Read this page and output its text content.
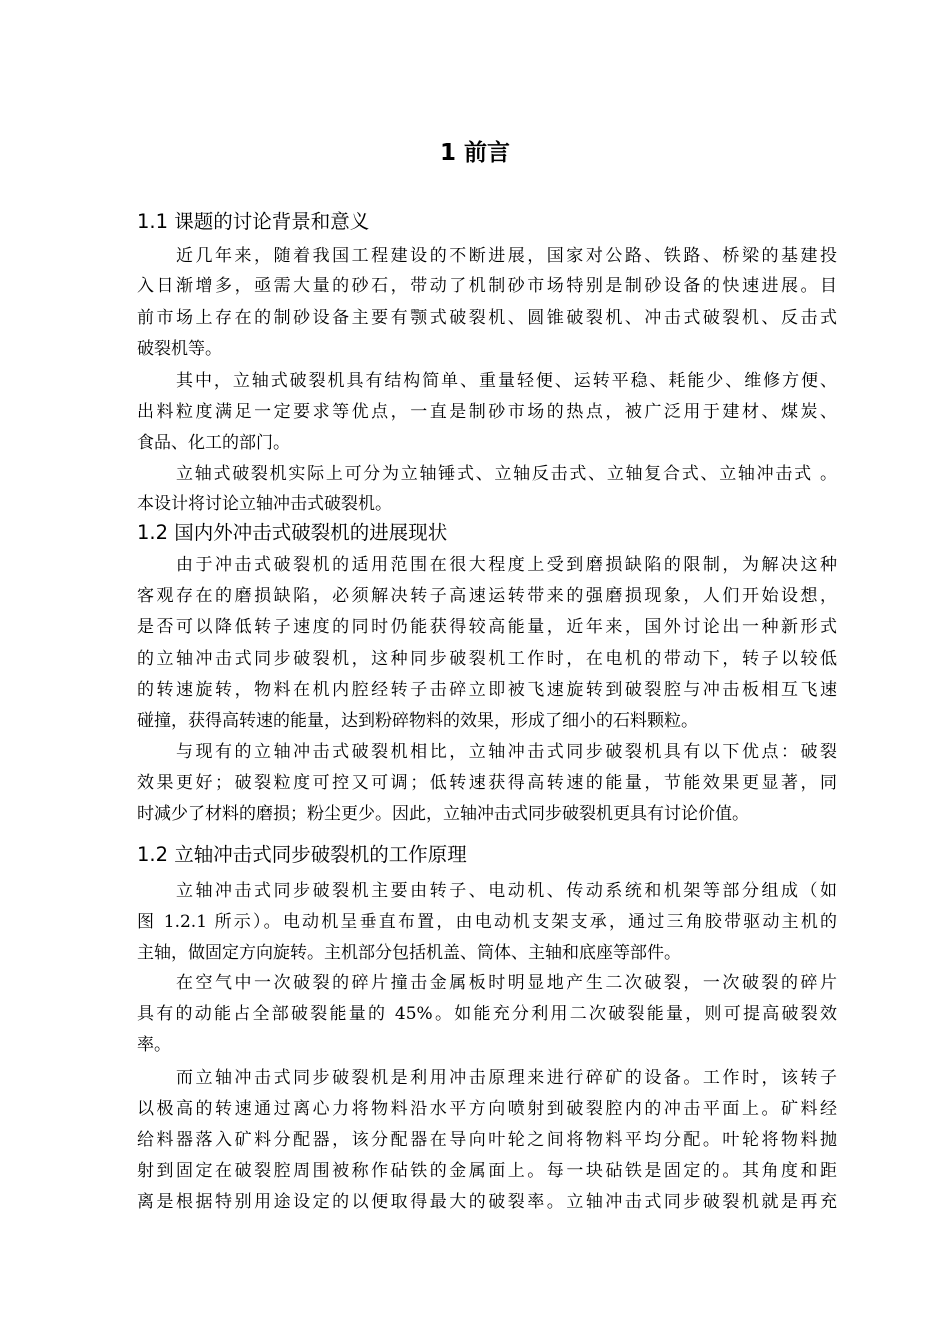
1 前言
1.1 课题的讨论背景和意义
近几年来，随着我国工程建设的不断进展，国家对公路、铁路、桥梁的基建投
入日渐增多，亟需大量的砂石，带动了机制砂市场特别是制砂设备的快速进展。目
前市场上存在的制砂设备主要有颚式破裂机、圆锥破裂机、冲击式破裂机、反击式
破裂机等。
其中，立轴式破裂机具有结构简单、重量轻便、运转平稳、耗能少、维修方便、
出料粒度满足一定要求等优点，一直是制砂市场的热点，被广泛用于建材、煤炭、
食品、化工的部门。
立轴式破裂机实际上可分为立轴锤式、立轴反击式、立轴复合式、立轴冲击式 。
本设计将讨论立轴冲击式破裂机。
1.2 国内外冲击式破裂机的进展现状
由于冲击式破裂机的适用范围在很大程度上受到磨损缺陷的限制，为解决这种
客观存在的磨损缺陷，必须解决转子高速运转带来的强磨损现象，人们开始设想，
是否可以降低转子速度的同时仍能获得较高能量，近年来，国外讨论出一种新形式
的立轴冲击式同步破裂机，这种同步破裂机工作时，在电机的带动下，转子以较低
的转速旋转，物料在机内腔经转子击碎立即被飞速旋转到破裂腔与冲击板相互飞速
碰撞，获得高转速的能量，达到粉碎物料的效果，形成了细小的石料颗粒。
与现有的立轴冲击式破裂机相比，立轴冲击式同步破裂机具有以下优点：破裂
效果更好；破裂粒度可控又可调；低转速获得高转速的能量，节能效果更显著，同
时减少了材料的磨损；粉尘更少。因此，立轴冲击式同步破裂机更具有讨论价值。
1.2 立轴冲击式同步破裂机的工作原理
立轴冲击式同步破裂机主要由转子、电动机、传动系统和机架等部分组成（如
图 1.2.1 所示）。电动机呈垂直布置，由电动机支架支承，通过三角胶带驱动主机的
主轴，做固定方向旋转。主机部分包括机盖、筒体、主轴和底座等部件。
在空气中一次破裂的碎片撞击金属板时明显地产生二次破裂，一次破裂的碎片
具有的动能占全部破裂能量的 45%。如能充分利用二次破裂能量，则可提高破裂效
率。
而立轴冲击式同步破裂机是利用冲击原理来进行碎矿的设备。工作时，该转子
以极高的转速通过离心力将物料沿水平方向喷射到破裂腔内的冲击平面上。矿料经
给料器落入矿料分配器，该分配器在导向叶轮之间将物料平均分配。叶轮将物料抛
射到固定在破裂腔周围被称作砧铁的金属面上。每一块砧铁是固定的。其角度和距
离是根据特别用途设定的以便取得最大的破裂率。立轴冲击式同步破裂机就是再充
